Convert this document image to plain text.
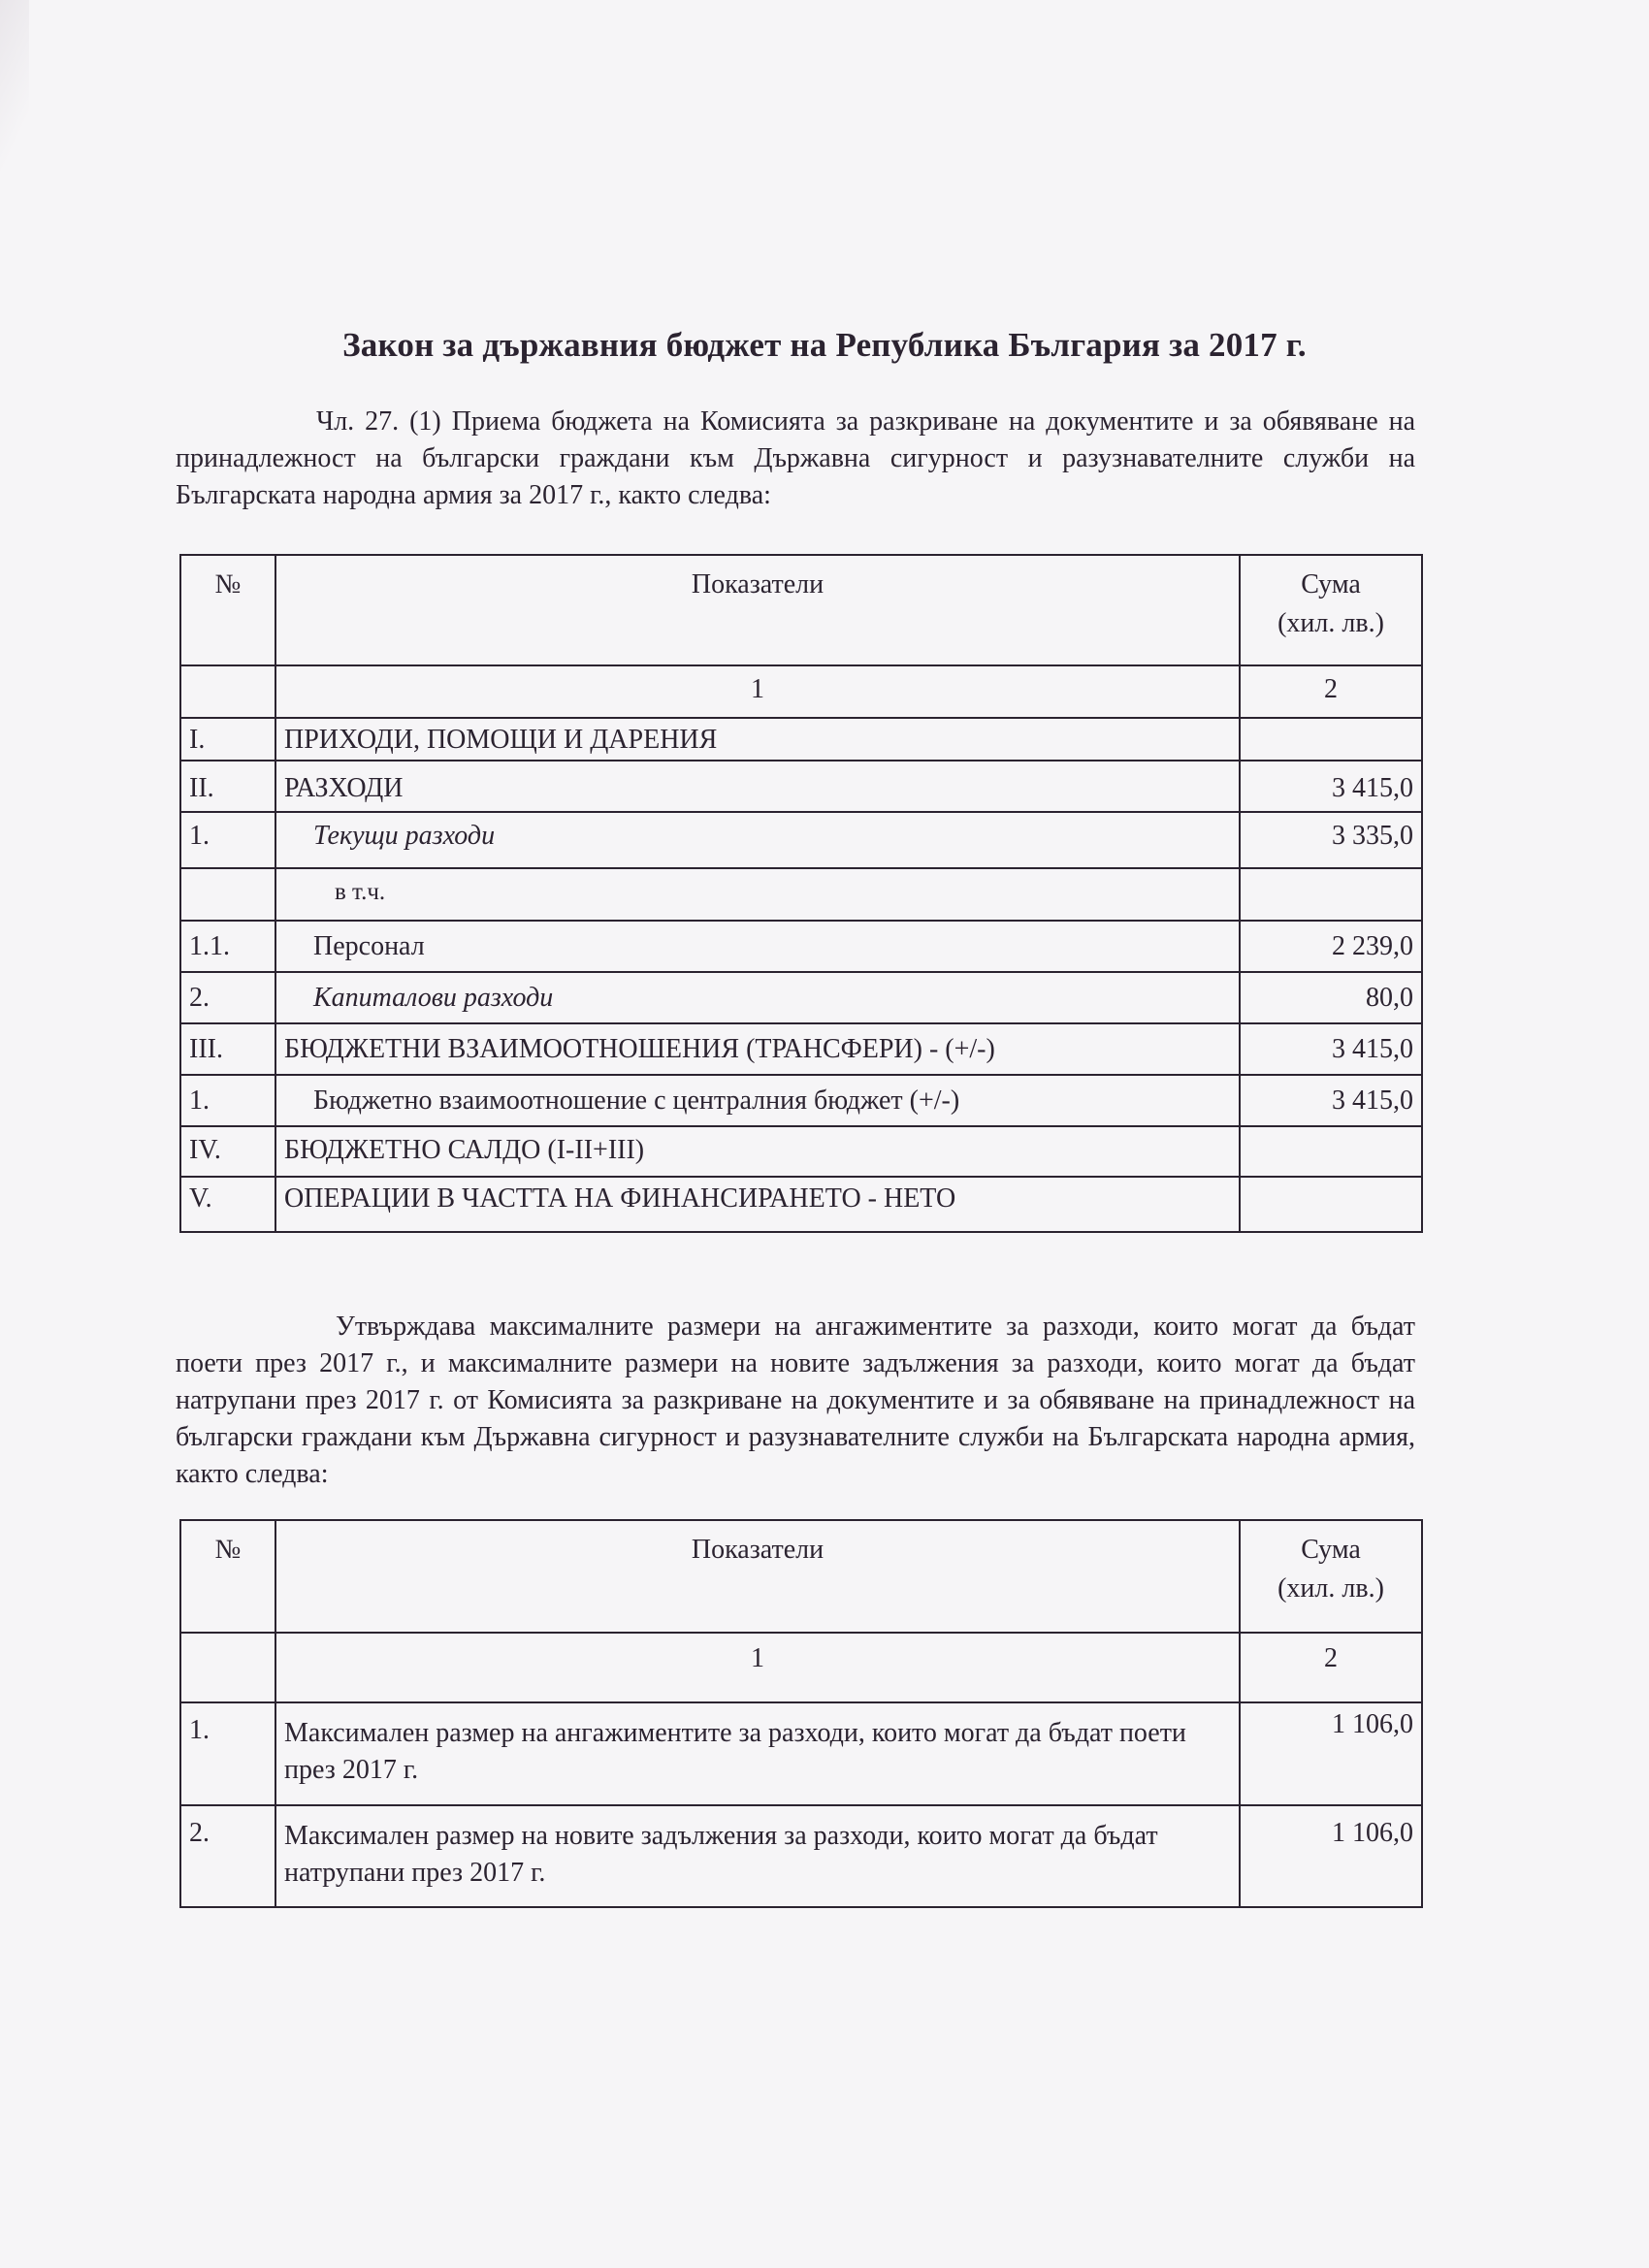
Закон за държавния бюджет на Република България за 2017 г.
Чл. 27. (1) Приема бюджета на Комисията за разкриване на документите и за обявяване на принадлежност на български граждани към Държавна сигурност и разузнавателните служби на Българската народна армия за 2017 г., както следва:
№	Показатели	Сума
(хил. лв.)
	1	2
I.	ПРИХОДИ, ПОМОЩИ И ДАРЕНИЯ	
II.	РАЗХОДИ	3 415,0
1.	Текущи разходи	3 335,0
	в т.ч.	
1.1.	Персонал	2 239,0
2.	Капиталови разходи	80,0
III.	БЮДЖЕТНИ ВЗАИМООТНОШЕНИЯ (ТРАНСФЕРИ) - (+/-)	3 415,0
1.	Бюджетно взаимоотношение с централния бюджет (+/-)	3 415,0
IV.	БЮДЖЕТНО САЛДО (I-II+III)	
V.	ОПЕРАЦИИ В ЧАСТТА НА ФИНАНСИРАНЕТО - НЕТО	
Утвърждава максималните размери на ангажиментите за разходи, които могат да бъдат поети през 2017 г., и максималните размери на новите задължения за разходи, които могат да бъдат натрупани през 2017 г. от Комисията за разкриване на документите и за обявяване на принадлежност на български граждани към Държавна сигурност и разузнавателните служби на Българската народна армия, както следва:
№	Показатели	Сума
(хил. лв.)
	1	2
1.	Максимален размер на ангажиментите за разходи, които могат да бъдат поети през 2017 г.	1 106,0
2.	Максимален размер на новите задължения за разходи, които могат да бъдат натрупани през 2017 г.	1 106,0
